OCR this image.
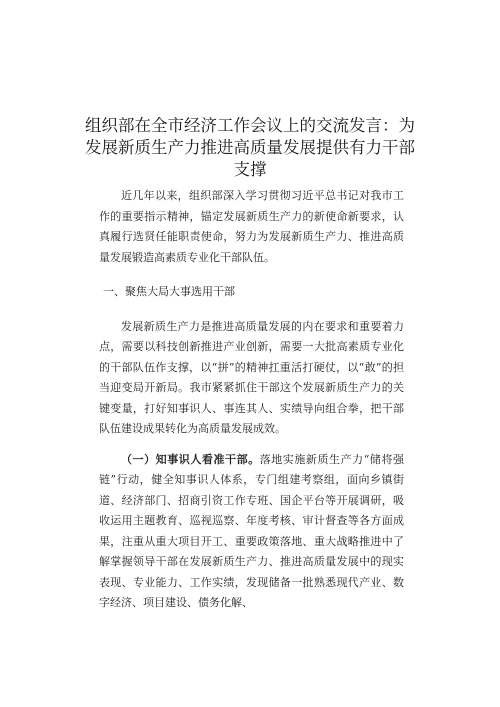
组织部在全市经济工作会议上的交流发言：为
发展新质生产力推进高质量发展提供有力干部
支撑

近几年以来，组织部深入学习贯彻习近平总书记对我市工作的重要指示精神，锚定发展新质生产力的新使命新要求，认真履行选贤任能职责使命，努力为发展新质生产力、推进高质量发展锻造高素质专业化干部队伍。

一、聚焦大局大事选用干部

发展新质生产力是推进高质量发展的内在要求和重要着力点，需要以科技创新推进产业创新，需要一大批高素质专业化的干部队伍作支撑，以“拼”的精神扛重活打硬仗，以“敢”的担当迎变局开新局。我市紧紧抓住干部这个发展新质生产力的关键变量，打好知事识人、事连其人、实绩导向组合拳，把干部队伍建设成果转化为高质量发展成效。

（一）知事识人看准干部。落地实施新质生产力“储将强链”行动，健全知事识人体系，专门组建考察组，面向乡镇街道、经济部门、招商引资工作专班、国企平台等开展调研，吸收运用主题教育、巡视巡察、年度考核、审计督查等各方面成果，注重从重大项目开工、重要政策落地、重大战略推进中了解掌握领导干部在发展新质生产力、推进高质量发展中的现实表现、专业能力、工作实绩，发现储备一批熟悉现代产业、数字经济、项目建设、债务化解、
